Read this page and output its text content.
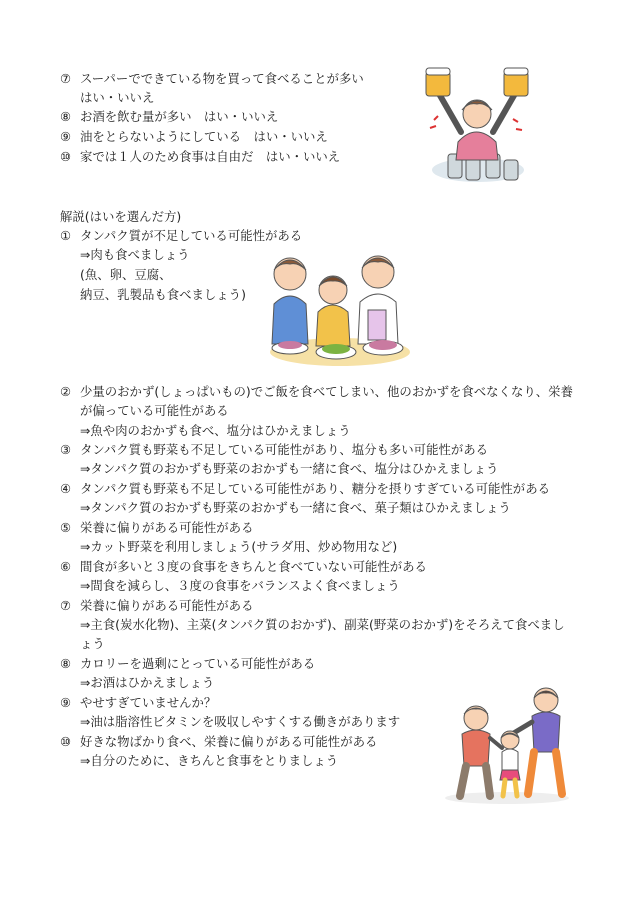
⑦ スーパーでできている物を買って食べることが多い
はい・いいえ
⑧ お酒を飲む量が多い　はい・いいえ
⑨ 油をとらないようにしている　はい・いいえ
⑩ 家では１人のため食事は自由だ　はい・いいえ
解説(はいを選んだ方)
① タンパク質が不足している可能性がある
⇒肉も食べましょう
(魚、卵、豆腐、
納豆、乳製品も食べましょう)
② 少量のおかず(しょっぱいもの)でご飯を食べてしまい、他のおかずを食べなくなり、栄養
が偏っている可能性がある
⇒魚や肉のおかずも食べ、塩分はひかえましょう
③ タンパク質も野菜も不足している可能性があり、塩分も多い可能性がある
⇒タンパク質のおかずも野菜のおかずも一緒に食べ、塩分はひかえましょう
④ タンパク質も野菜も不足している可能性があり、糖分を摂りすぎている可能性がある
⇒タンパク質のおかずも野菜のおかずも一緒に食べ、菓子類はひかえましょう
⑤ 栄養に偏りがある可能性がある
⇒カット野菜を利用しましょう(サラダ用、炒め物用など)
⑥ 間食が多いと３度の食事をきちんと食べていない可能性がある
⇒間食を減らし、３度の食事をバランスよく食べましょう
⑦ 栄養に偏りがある可能性がある
⇒主食(炭水化物)、主菜(タンパク質のおかず)、副菜(野菜のおかず)をそろえて食べまし
ょう
⑧ カロリーを過剰にとっている可能性がある
⇒お酒はひかえましょう
⑨ やせすぎていませんか？
⇒油は脂溶性ビタミンを吸収しやすくする働きがあります
⑩ 好きな物ばかり食べ、栄養に偏りがある可能性がある
⇒自分のために、きちんと食事をとりましょう
